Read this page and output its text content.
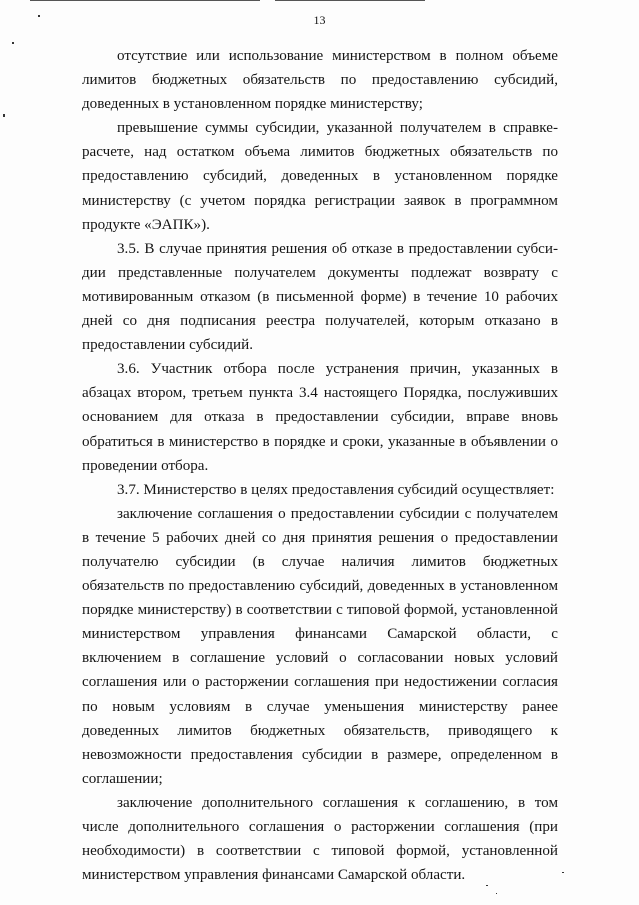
13

отсутствие или использование министерством в полном объеме лимитов бюджетных обязательств по предоставлению субсидий, доведенных в установленном порядке министерству;

превышение суммы субсидии, указанной получателем в справке-расчете, над остатком объема лимитов бюджетных обязательств по предоставлению субсидий, доведенных в установленном порядке министерству (с учетом порядка регистрации заявок в программном продукте «ЭАПК»).

3.5. В случае принятия решения об отказе в предоставлении субсидии представленные получателем документы подлежат возврату с мотивированным отказом (в письменной форме) в течение 10 рабочих дней со дня подписания реестра получателей, которым отказано в предоставлении субсидий.

3.6. Участник отбора после устранения причин, указанных в абзацах втором, третьем пункта 3.4 настоящего Порядка, послуживших основанием для отказа в предоставлении субсидии, вправе вновь обратиться в министерство в порядке и сроки, указанные в объявлении о проведении отбора.

3.7. Министерство в целях предоставления субсидий осуществляет:

заключение соглашения о предоставлении субсидии с получателем в течение 5 рабочих дней со дня принятия решения о предоставлении получателю субсидии (в случае наличия лимитов бюджетных обязательств по предоставлению субсидий, доведенных в установленном порядке министерству) в соответствии с типовой формой, установленной министерством управления финансами Самарской области, с включением в соглашение условий о согласовании новых условий соглашения или о расторжении соглашения при недостижении согласия по новым условиям в случае уменьшения министерству ранее доведенных лимитов бюджетных обязательств, приводящего к невозможности предоставления субсидии в размере, определенном в соглашении;

заключение дополнительного соглашения к соглашению, в том числе дополнительного соглашения о расторжении соглашения (при необходимости) в соответствии с типовой формой, установленной министерством управления финансами Самарской области.
